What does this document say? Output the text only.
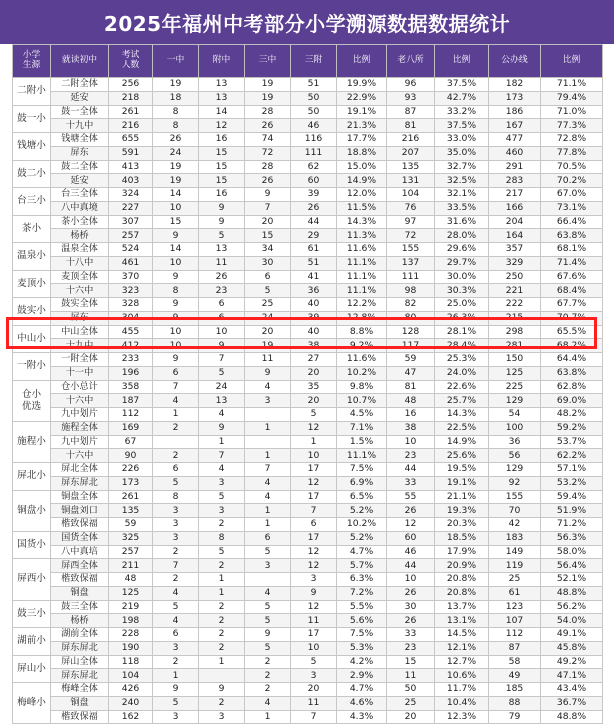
2025年福州中考部分小学溯源数据数据统计
小学
生源	就读初中	考试
人数	一中	附中	三中	三附	比例	老八所	比例	公办线	比例
二附小	二附全体	256	19	13	19	51	19.9%	96	37.5%	182	71.1%
	延安	218	18	13	19	50	22.9%	93	42.7%	173	79.4%
鼓一小	鼓一全体	261	8	14	28	50	19.1%	87	33.2%	186	71.0%
	十九中	216	8	12	26	46	21.3%	81	37.5%	167	77.3%
钱塘小	钱塘全体	655	26	16	74	116	17.7%	216	33.0%	477	72.8%
	屏东	591	24	15	72	111	18.8%	207	35.0%	460	77.8%
鼓二小	鼓二全体	413	19	15	28	62	15.0%	135	32.7%	291	70.5%
	延安	403	19	15	26	60	14.9%	131	32.5%	283	70.2%
台三小	台三全体	324	14	16	9	39	12.0%	104	32.1%	217	67.0%
	八中真境	227	10	9	7	26	11.5%	76	33.5%	166	73.1%
茶小	茶小全体	307	15	9	20	44	14.3%	97	31.6%	204	66.4%
	杨桥	257	9	5	15	29	11.3%	72	28.0%	164	63.8%
温泉小	温泉全体	524	14	13	34	61	11.6%	155	29.6%	357	68.1%
	十八中	461	10	11	30	51	11.1%	137	29.7%	329	71.4%
麦顶小	麦顶全体	370	9	26	6	41	11.1%	111	30.0%	250	67.6%
	十六中	323	8	23	5	36	11.1%	98	30.3%	221	68.4%
鼓实小	鼓实全体	328	9	6	25	40	12.2%	82	25.0%	222	67.7%
	屏东	304	9	6	24	39	12.8%	80	26.3%	215	70.7%
中山小	中山全体	455	10	10	20	40	8.8%	128	28.1%	298	65.5%
	十九中	412	10	9	19	38	9.2%	117	28.4%	281	68.2%
一附小	一附全体	233	9	7	11	27	11.6%	59	25.3%	150	64.4%
	十一中	196	6	5	9	20	10.2%	47	24.0%	125	63.8%
仓小
优选	仓小总计	358	7	24	4	35	9.8%	81	22.6%	225	62.8%
	十六中	187	4	13	3	20	10.7%	48	25.7%	129	69.0%
	九中划片	112	1	4		5	4.5%	16	14.3%	54	48.2%
施程小	施程全体	169	2	9	1	12	7.1%	38	22.5%	100	59.2%
	九中划片	67		1		1	1.5%	10	14.9%	36	53.7%
	十六中	90	2	7	1	10	11.1%	23	25.6%	56	62.2%
屏北小	屏北全体	226	6	4	7	17	7.5%	44	19.5%	129	57.1%
	屏东屏北	173	5	3	4	12	6.9%	33	19.1%	92	53.2%
铜盘小	铜盘全体	261	8	5	4	17	6.5%	55	21.1%	155	59.4%
	铜盘刘口	135	3	3	1	7	5.2%	26	19.3%	70	51.9%
	楷致保福	59	3	2	1	6	10.2%	12	20.3%	42	71.2%
国货小	国货全体	325	3	8	6	17	5.2%	60	18.5%	183	56.3%
	八中真培	257	2	5	5	12	4.7%	46	17.9%	149	58.0%
屏西小	屏西全体	211	7	2	3	12	5.7%	44	20.9%	119	56.4%
	楷致保福	48	2	1		3	6.3%	10	20.8%	25	52.1%
	铜盘	125	4	1	4	9	7.2%	26	20.8%	61	48.8%
鼓三小	鼓三全体	219	5	2	5	12	5.5%	30	13.7%	123	56.2%
	杨桥	198	4	2	5	11	5.6%	26	13.1%	107	54.0%
湖前小	湖前全体	228	6	2	9	17	7.5%	33	14.5%	112	49.1%
	屏东屏北	190	3	2	5	10	5.3%	23	12.1%	87	45.8%
屏山小	屏山全体	118	2	1	2	5	4.2%	15	12.7%	58	49.2%
	屏东屏北	104	1		2	3	2.9%	11	10.6%	49	47.1%
梅峰小	梅峰全体	426	9	9	2	20	4.7%	50	11.7%	185	43.4%
	铜盘	240	5	2	4	11	4.6%	25	10.4%	88	36.7%
	楷致保福	162	3	3	1	7	4.3%	20	12.3%	79	48.8%
